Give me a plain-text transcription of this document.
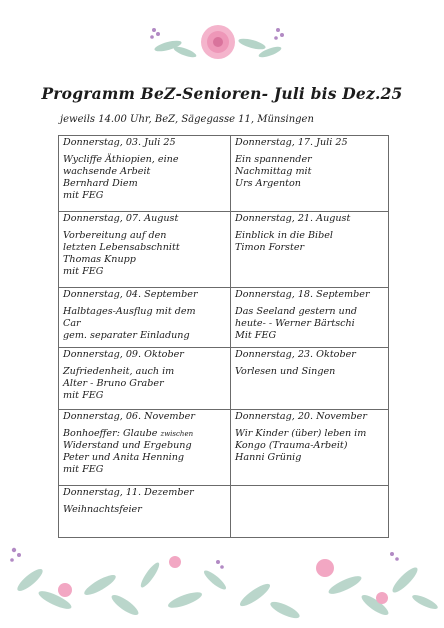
Programm BeZ-Senioren- Juli bis Dez.25
jeweils 14.00 Uhr, BeZ, Sägegasse 11, Münsingen
Donnerstag, 03. Juli 25
Wycliffe Äthiopien, eine
wachsende Arbeit
Bernhard Diem
mit FEG	Donnerstag, 17. Juli 25
Ein spannender
Nachmittag mit
Urs Argenton

Donnerstag, 07. August
Vorbereitung auf den
letzten Lebensabschnitt
Thomas Knupp
mit FEG	Donnerstag, 21. August
Einblick in die Bibel
Timon Forster

Donnerstag, 04. September
Halbtages-Ausflug mit dem
Car
gem. separater Einladung	Donnerstag, 18. September
Das Seeland gestern und
heute- - Werner Bärtschi
Mit FEG

Donnerstag, 09. Oktober
Zufriedenheit, auch im
Alter - Bruno Graber
mit FEG	Donnerstag, 23. Oktober
Vorlesen und Singen

Donnerstag, 06. November
Bonhoeffer: Glaube zwischen
Widerstand und Ergebung
Peter und Anita Henning
mit FEG	Donnerstag, 20. November
Wir Kinder (über) leben im
Kongo (Trauma-Arbeit)
Hanni Grünig

Donnerstag, 11. Dezember
Weihnachtsfeier	
